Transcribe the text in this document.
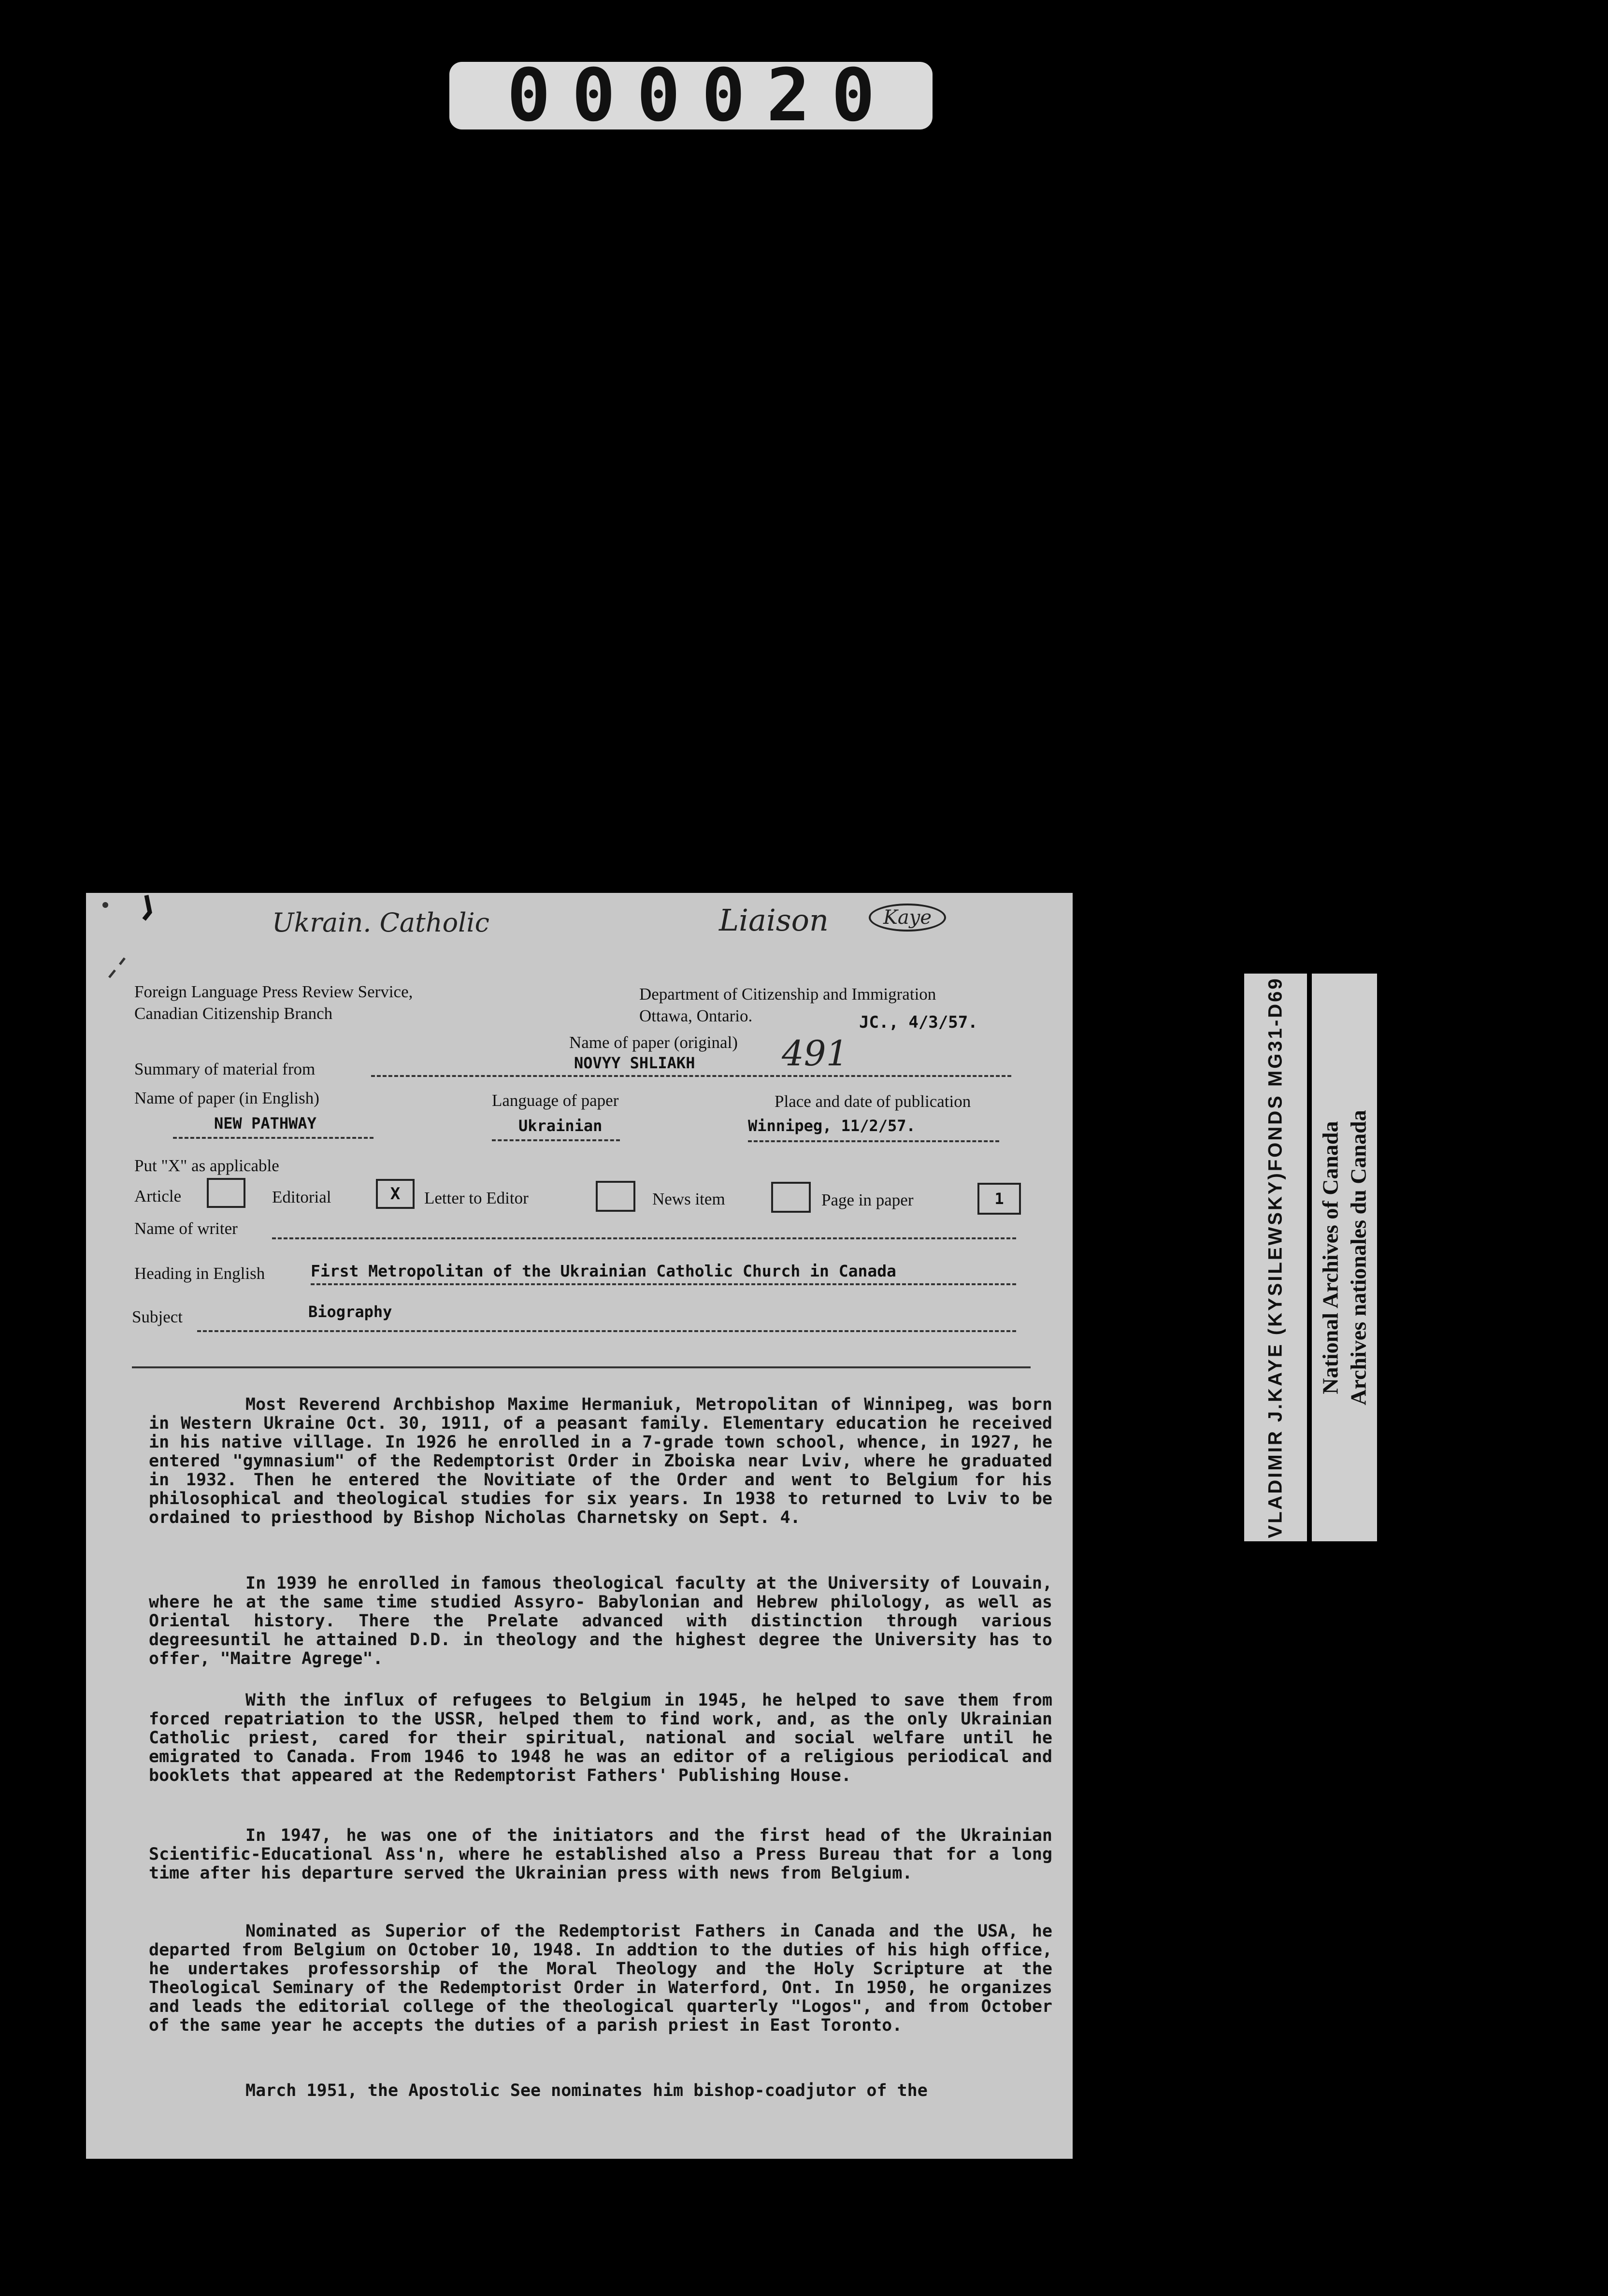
000020
VLADIMIR J.KAYE (KYSILEWSKY)FONDS MG31-D69 National Archives of Canada Archives nationales du Canada
Ukrain. Catholic	Liaison	Kaye
491
Foreign Language Press Review Service,
Canadian Citizenship Branch
Department of Citizenship and Immigration
Ottawa, Ontario.	JC., 4/3/57.
Summary of material from
Name of paper (original)
NOVYY SHLIAKH
Name of paper (in English)
NEW PATHWAY
Language of paper
Ukrainian
Place and date of publication
Winnipeg, 11/2/57.
Put "X" as applicable
Article	Editorial	X Letter to Editor	News item	Page in paper	1
Name of writer
Heading in English	First Metropolitan of the Ukrainian Catholic Church in Canada
Subject	Biography

Most Reverend Archbishop Maxime Hermaniuk, Metropolitan of Winnipeg, was born in Western Ukraine Oct. 30, 1911, of a peasant family. Elementary education he received in his native village. In 1926 he enrolled in a 7-grade town school, whence, in 1927, he entered "gymnasium" of the Redemptorist Order in Zboiska near Lviv, where he graduated in 1932. Then he entered the Novitiate of the Order and went to Belgium for his philosophical and theological studies for six years. In 1938 to returned to Lviv to be ordained to priesthood by Bishop Nicholas Charnetsky on Sept. 4.

In 1939 he enrolled in famous theological faculty at the University of Louvain, where he at the same time studied Assyro- Babylonian and Hebrew philology, as well as Oriental history. There the Prelate advanced with distinction through various degreesuntil he attained D.D. in theology and the highest degree the University has to offer, "Maitre Agrege".

With the influx of refugees to Belgium in 1945, he helped to save them from forced repatriation to the USSR, helped them to find work, and, as the only Ukrainian Catholic priest, cared for their spiritual, national and social welfare until he emigrated to Canada. From 1946 to 1948 he was an editor of a religious periodical and booklets that appeared at the Redemptorist Fathers' Publishing House.

In 1947, he was one of the initiators and the first head of the Ukrainian Scientific-Educational Ass'n, where he established also a Press Bureau that for a long time after his departure served the Ukrainian press with news from Belgium.

Nominated as Superior of the Redemptorist Fathers in Canada and the USA, he departed from Belgium on October 10, 1948. In addtion to the duties of his high office, he undertakes professorship of the Moral Theology and the Holy Scripture at the Theological Seminary of the Redemptorist Order in Waterford, Ont. In 1950, he organizes and leads the editorial college of the theological quarterly "Logos", and from October of the same year he accepts the duties of a parish priest in East Toronto.

March 1951, the Apostolic See nominates him bishop-coadjutor of the
